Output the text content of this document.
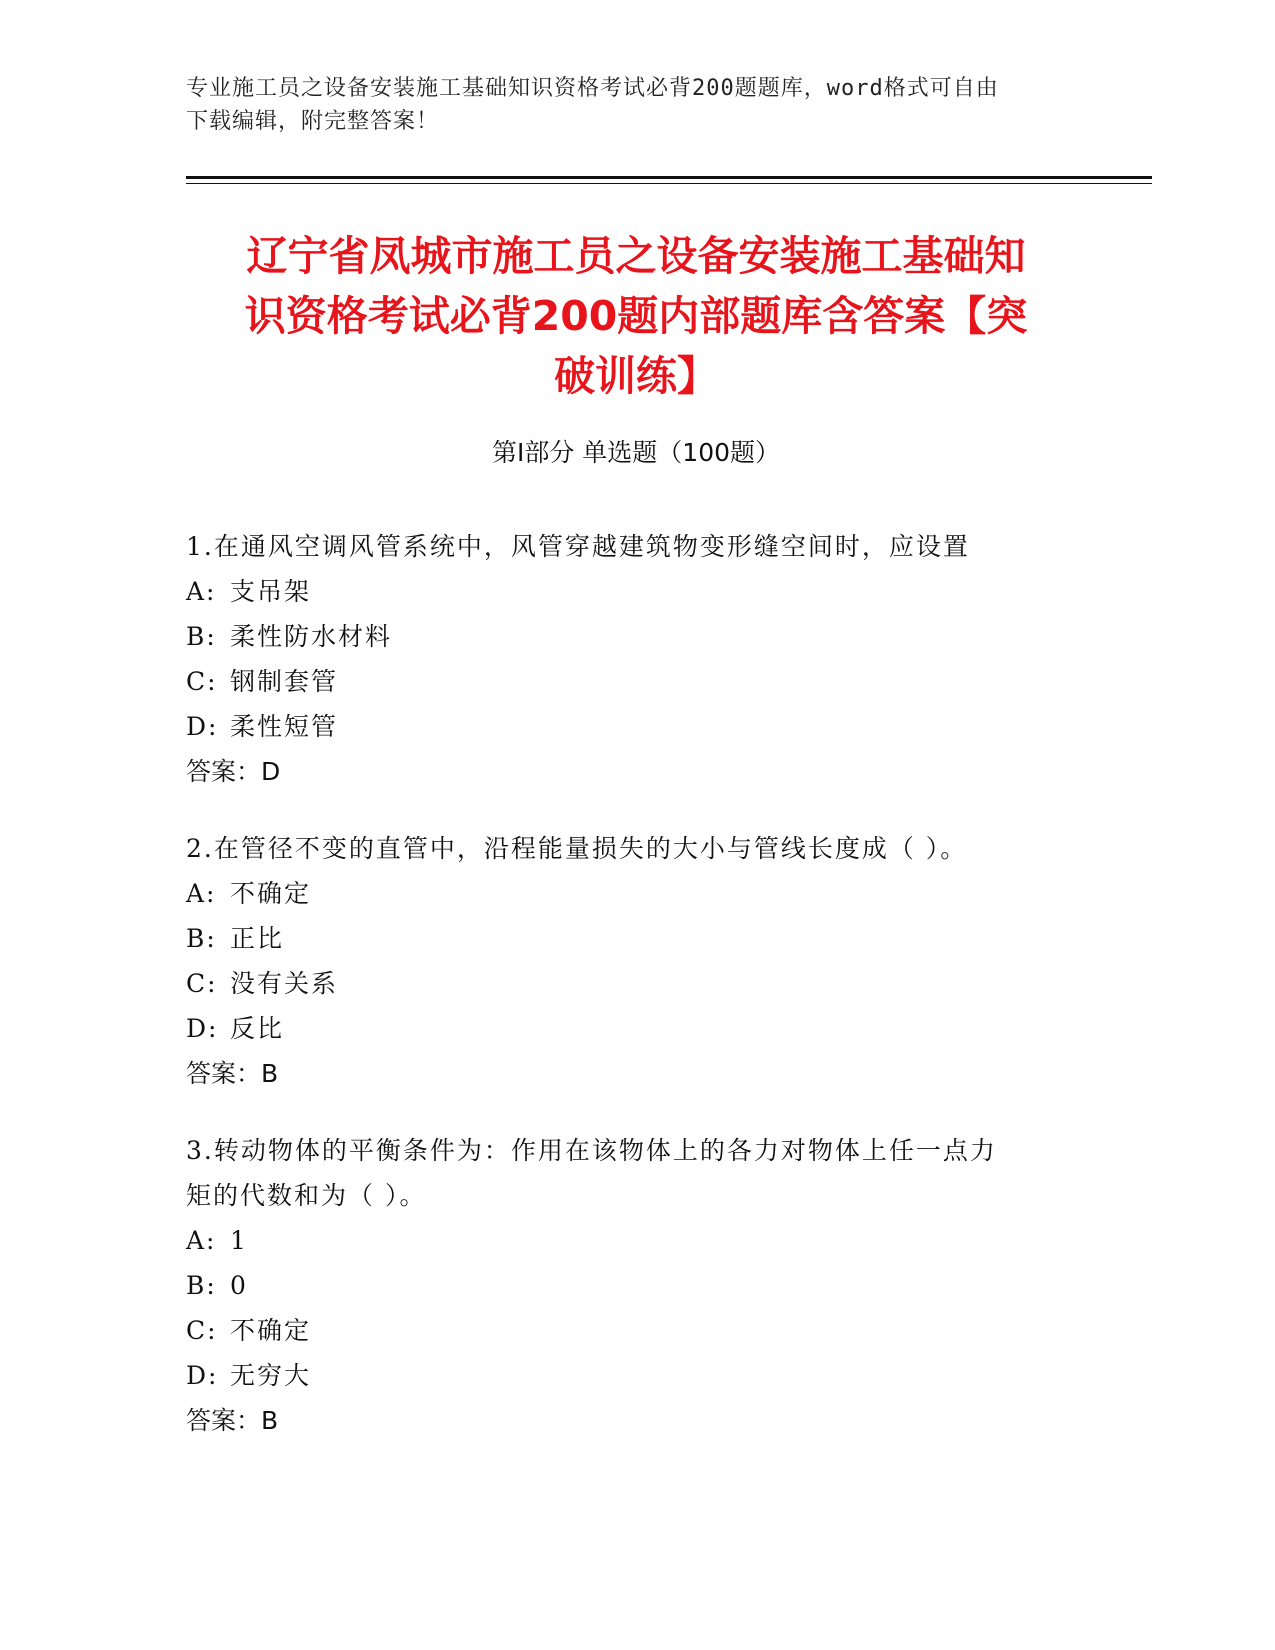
专业施工员之设备安装施工基础知识资格考试必背200题题库，word格式可自由
下载编辑，附完整答案！
辽宁省凤城市施工员之设备安装施工基础知
识资格考试必背200题内部题库含答案【突
破训练】
第Ⅰ部分 单选题（100题）
1.在通风空调风管系统中，风管穿越建筑物变形缝空间时，应设置
A: 支吊架
B: 柔性防水材料
C: 钢制套管
D: 柔性短管
答案：D
2.在管径不变的直管中，沿程能量损失的大小与管线长度成（ ）。
A: 不确定
B: 正比
C: 没有关系
D: 反比
答案：B
3.转动物体的平衡条件为：作用在该物体上的各力对物体上任一点力
矩的代数和为（ ）。
A: 1
B: 0
C: 不确定
D: 无穷大
答案：B
